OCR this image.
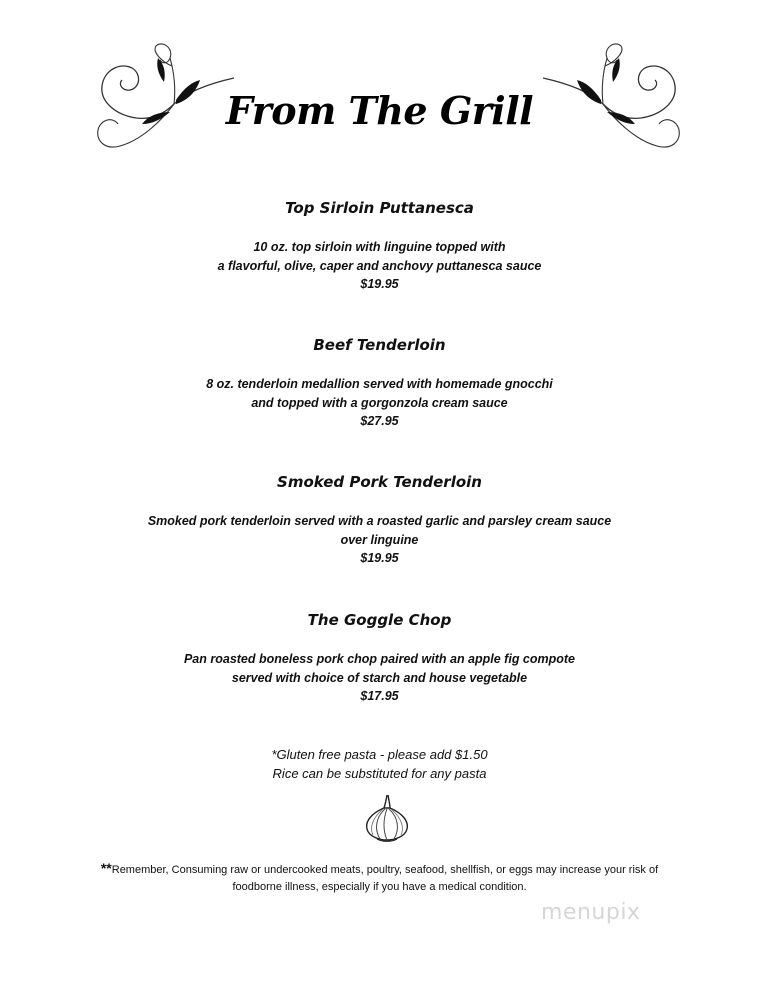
From The Grill
Top Sirloin Puttanesca
10 oz. top sirloin with linguine topped with
a flavorful, olive, caper and anchovy puttanesca sauce
$19.95
Beef Tenderloin
8 oz. tenderloin medallion served with homemade gnocchi
and topped with a gorgonzola cream sauce
$27.95
Smoked Pork Tenderloin
Smoked pork tenderloin served with a roasted garlic and parsley cream sauce
over linguine
$19.95
The Goggle Chop
Pan roasted boneless pork chop paired with an apple fig compote
served with choice of starch and house vegetable
$17.95
*Gluten free pasta - please add $1.50
Rice can be substituted for any pasta
**Remember, Consuming raw or undercooked meats, poultry, seafood, shellfish, or eggs may increase your risk of
foodborne illness, especially if you have a medical condition.
menupix
